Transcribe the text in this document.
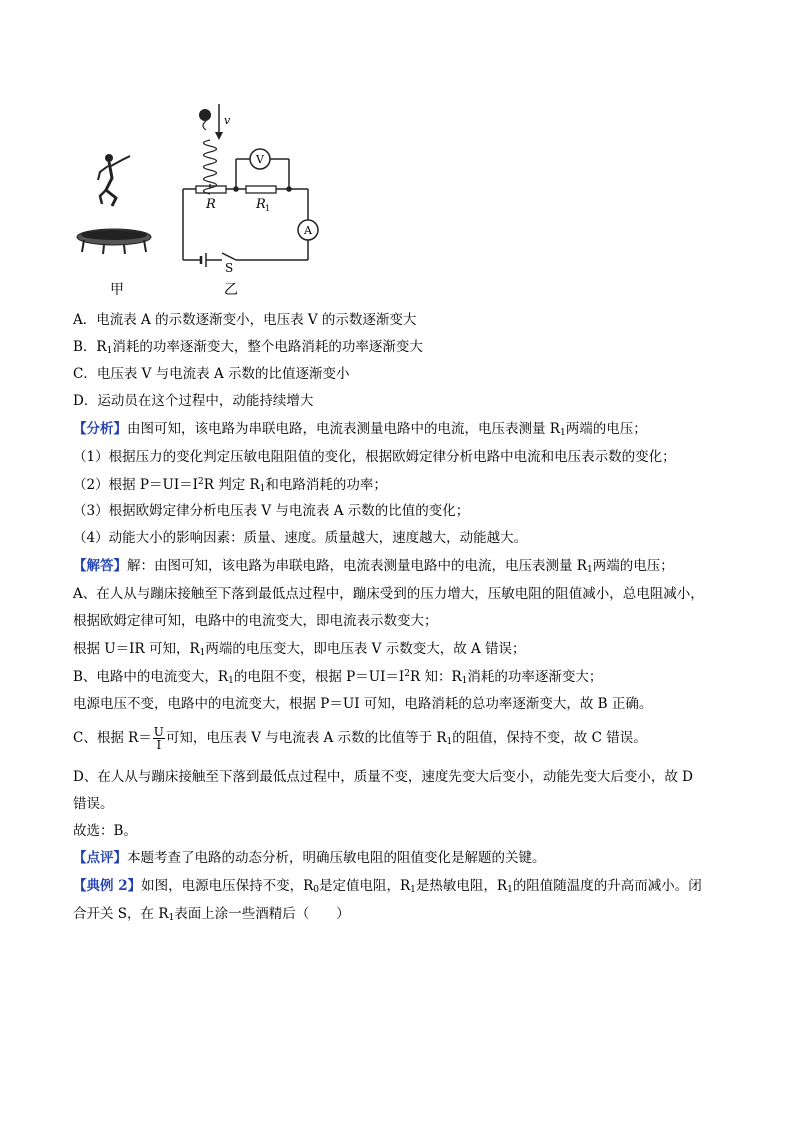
v
V
A
R	R 1
S
甲	乙
A．电流表 A 的示数逐渐变小，电压表 V 的示数逐渐变大
B．$R_1$消耗的功率逐渐变大，整个电路消耗的功率逐渐变大
C．电压表 V 与电流表 A 示数的比值逐渐变小
D．运动员在这个过程中，动能持续增大
【分析】由图可知，该电路为串联电路，电流表测量电路中的电流，电压表测量 $R_1$两端的电压；
（1）根据压力的变化判定压敏电阻阻值的变化，根据欧姆定律分析电路中电流和电压表示数的变化；
（2）根据 $P=UI=I^2R$ 判定 $R_1$和电路消耗的功率；
（3）根据欧姆定律分析电压表 V 与电流表 A 示数的比值的变化；
（4）动能大小的影响因素：质量、速度。质量越大，速度越大，动能越大。
【解答】解：由图可知，该电路为串联电路，电流表测量电路中的电流，电压表测量 $R_1$两端的电压；
A、在人从与蹦床接触至下落到最低点过程中，蹦床受到的压力增大，压敏电阻的阻值减小，总电阻减小，
根据欧姆定律可知，电路中的电流变大，即电流表示数变大；
根据 U＝IR 可知，$R_1$两端的电压变大，即电压表 V 示数变大，故 A 错误；
B、电路中的电流变大，$R_1$的电阻不变，根据 $P=UI=I^2R$ 知：$R_1$消耗的功率逐渐变大；
电源电压不变，电路中的电流变大，根据 P＝UI 可知，电路消耗的总功率逐渐变大，故 B 正确。
C、根据 $R= \frac{U}{I}$ 可知，电压表 V 与电流表 A 示数的比值等于 $R_1$的阻值，保持不变，故 C 错误。
D、在人从与蹦床接触至下落到最低点过程中，质量不变，速度先变大后变小，动能先变大后变小，故 D
错误。
故选：B。
【点评】本题考查了电路的动态分析，明确压敏电阻的阻值变化是解题的关键。
【典例 2】如图，电源电压保持不变，$R_0$是定值电阻，$R_1$是热敏电阻，$R_1$的阻值随温度的升高而减小。闭
合开关 S，在 $R_1$表面上涂一些酒精后（　　）
